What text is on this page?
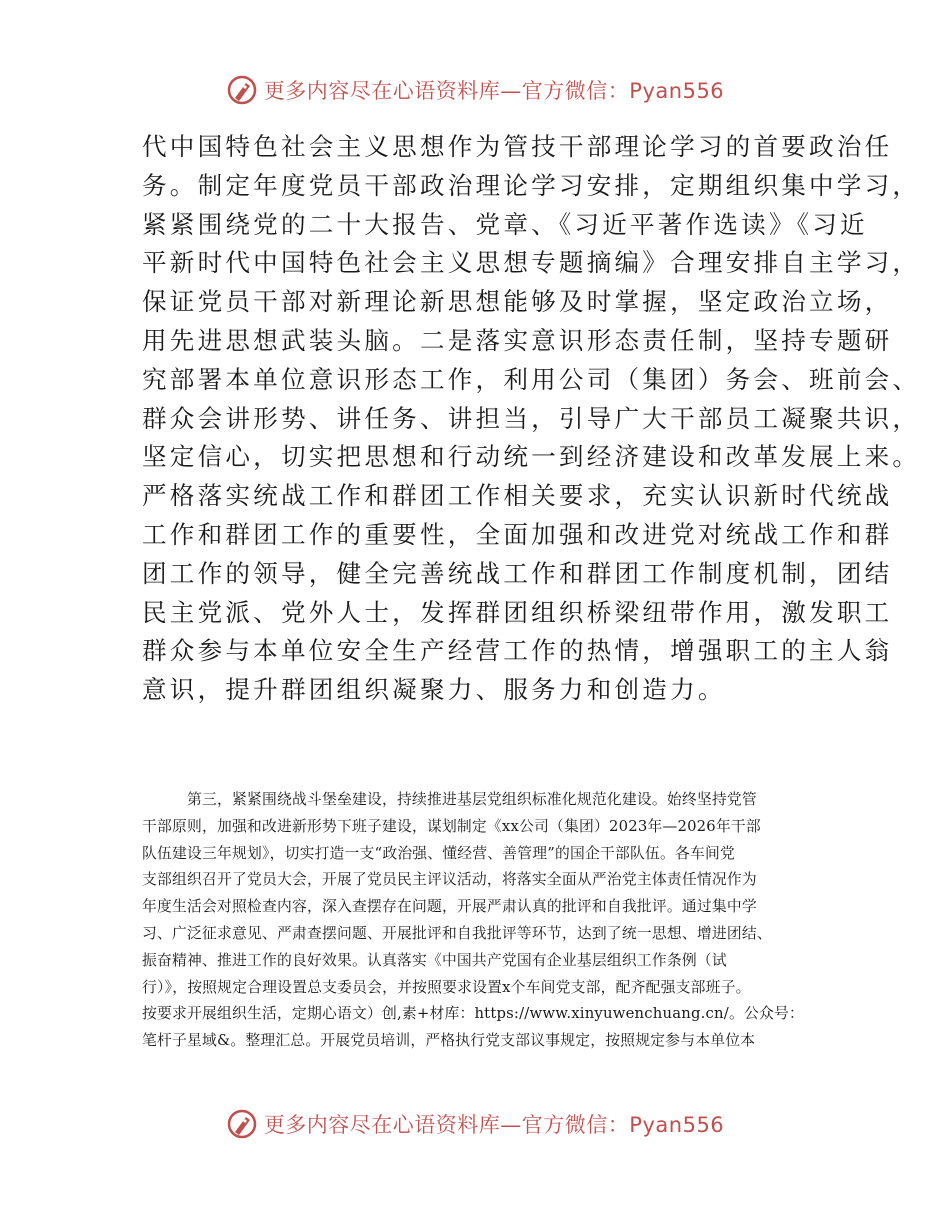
更多内容尽在心语资料库—官方微信：Pyan556
代中国特色社会主义思想作为管技干部理论学习的首要政治任
务。制定年度党员干部政治理论学习安排，定期组织集中学习，
紧紧围绕党的二十大报告、党章、《习近平著作选读》《习近
平新时代中国特色社会主义思想专题摘编》合理安排自主学习，
保证党员干部对新理论新思想能够及时掌握，坚定政治立场，
用先进思想武装头脑。二是落实意识形态责任制，坚持专题研
究部署本单位意识形态工作，利用公司（集团）务会、班前会、
群众会讲形势、讲任务、讲担当，引导广大干部员工凝聚共识，
坚定信心，切实把思想和行动统一到经济建设和改革发展上来。
严格落实统战工作和群团工作相关要求，充实认识新时代统战
工作和群团工作的重要性，全面加强和改进党对统战工作和群
团工作的领导，健全完善统战工作和群团工作制度机制，团结
民主党派、党外人士，发挥群团组织桥梁纽带作用，激发职工
群众参与本单位安全生产经营工作的热情，增强职工的主人翁
意识，提升群团组织凝聚力、服务力和创造力。
第三，紧紧围绕战斗堡垒建设，持续推进基层党组织标准化规范化建设。始终坚持党管
干部原则，加强和改进新形势下班子建设，谋划制定《xx公司（集团）2023年—2026年干部
队伍建设三年规划》，切实打造一支“政治强、懂经营、善管理”的国企干部队伍。各车间党
支部组织召开了党员大会，开展了党员民主评议活动，将落实全面从严治党主体责任情况作为
年度生活会对照检查内容，深入查摆存在问题，开展严肃认真的批评和自我批评。通过集中学
习、广泛征求意见、严肃查摆问题、开展批评和自我批评等环节，达到了统一思想、增进团结、
振奋精神、推进工作的良好效果。认真落实《中国共产党国有企业基层组织工作条例（试
行）》，按照规定合理设置总支委员会，并按照要求设置x个车间党支部，配齐配强支部班子。
按要求开展组织生活，定期心语文）创,素+材库：https://www.xinyuwenchuang.cn/。公众号：
笔杆子星域&。整理汇总。开展党员培训，严格执行党支部议事规定，按照规定参与本单位本
更多内容尽在心语资料库—官方微信：Pyan556
